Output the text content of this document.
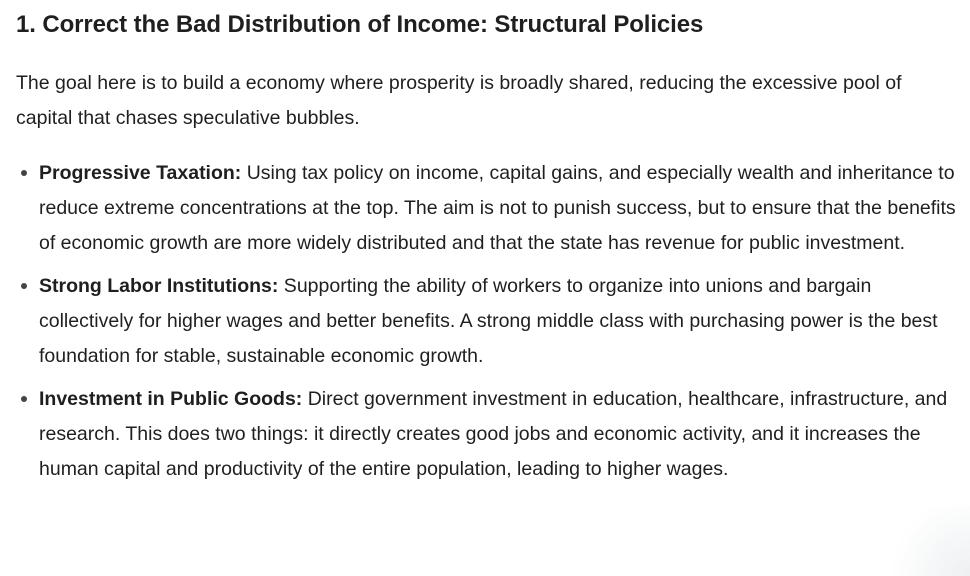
1. Correct the Bad Distribution of Income: Structural Policies

The goal here is to build a economy where prosperity is broadly shared, reducing the excessive pool of capital that chases speculative bubbles.

Progressive Taxation: Using tax policy on income, capital gains, and especially wealth and inheritance to reduce extreme concentrations at the top. The aim is not to punish success, but to ensure that the benefits of economic growth are more widely distributed and that the state has revenue for public investment.
Strong Labor Institutions: Supporting the ability of workers to organize into unions and bargain collectively for higher wages and better benefits. A strong middle class with purchasing power is the best foundation for stable, sustainable economic growth.
Investment in Public Goods: Direct government investment in education, healthcare, infrastructure, and research. This does two things: it directly creates good jobs and economic activity, and it increases the human capital and productivity of the entire population, leading to higher wages.
